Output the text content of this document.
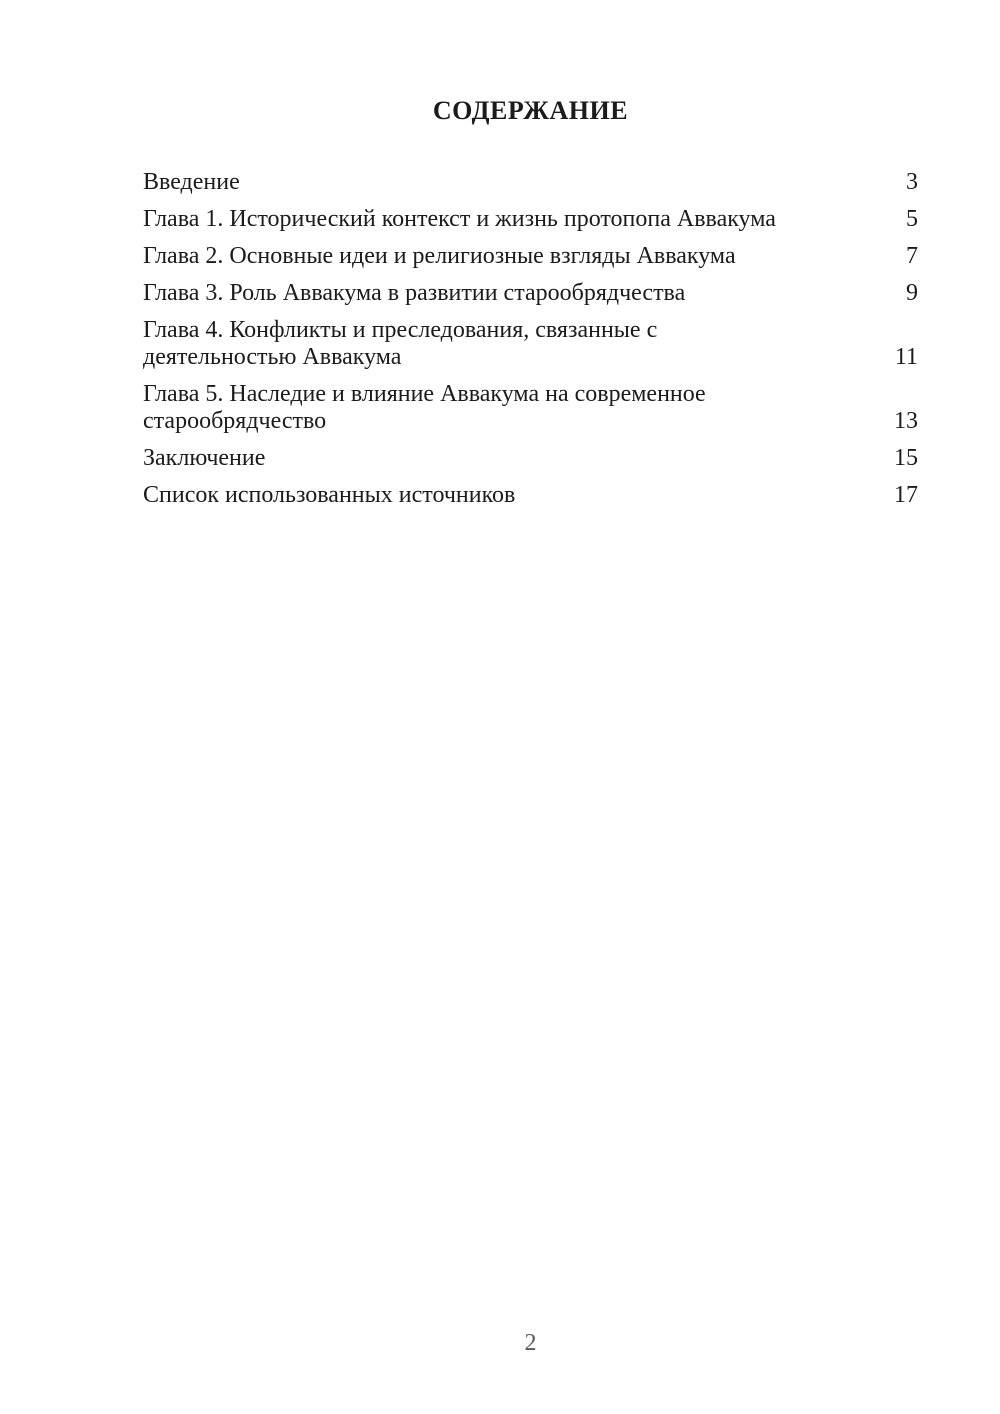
СОДЕРЖАНИЕ
Введение	3
Глава 1. Исторический контекст и жизнь протопопа Аввакума	5
Глава 2. Основные идеи и религиозные взгляды Аввакума	7
Глава 3. Роль Аввакума в развитии старообрядчества	9
Глава 4. Конфликты и преследования, связанные с
деятельностью Аввакума	11
Глава 5. Наследие и влияние Аввакума на современное
старообрядчество	13
Заключение	15
Список использованных источников	17
2
